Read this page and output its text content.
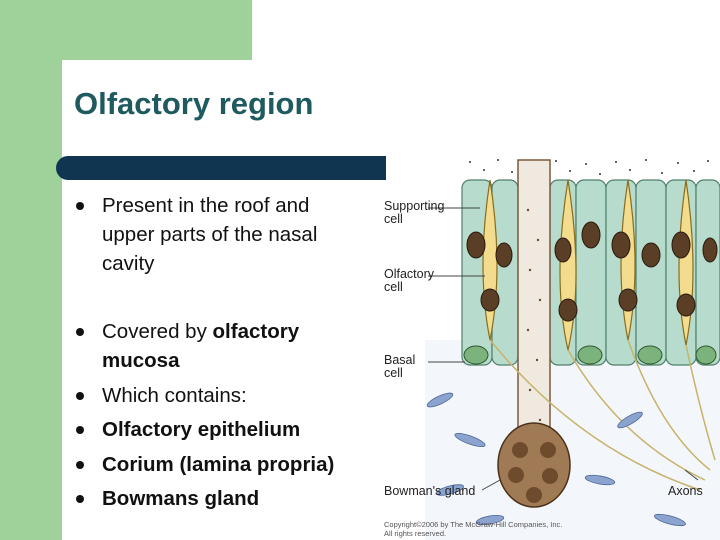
Olfactory region
Present in the roof and
upper parts of the nasal
cavity
Covered by olfactory
mucosa
Which contains:
Olfactory epithelium
Corium (lamina propria)
Bowmans gland
Supporting
cell
Olfactory
cell
Basal
cell
Bowman's gland	Axons
Copyright©2006 by The McGraw-Hill Companies, Inc.
All rights reserved.
